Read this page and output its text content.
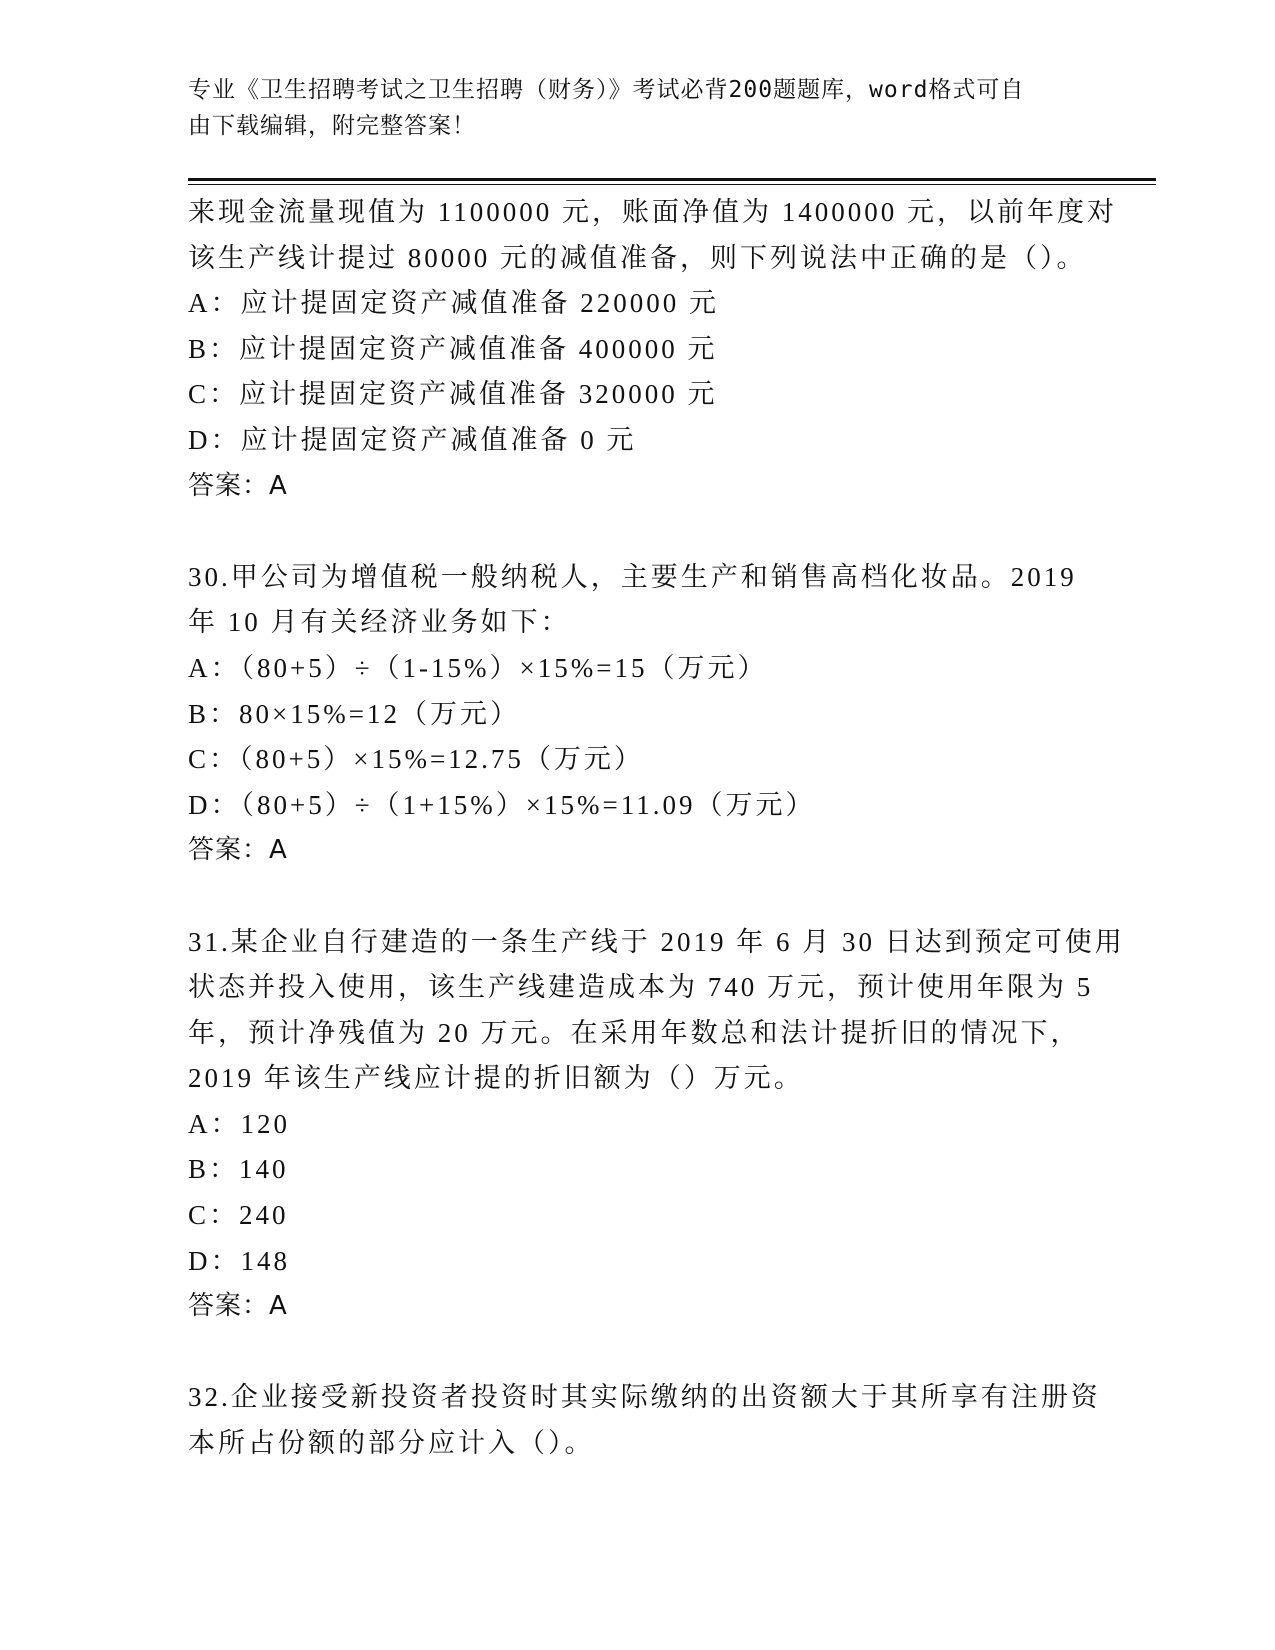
专业《卫生招聘考试之卫生招聘（财务）》考试必背200题题库，word格式可自
由下载编辑，附完整答案！
来现金流量现值为 1100000 元，账面净值为 1400000 元，以前年度对
该生产线计提过 80000 元的减值准备，则下列说法中正确的是（）。
A：应计提固定资产减值准备 220000 元
B：应计提固定资产减值准备 400000 元
C：应计提固定资产减值准备 320000 元
D：应计提固定资产减值准备 0 元
答案：A
30.甲公司为增值税一般纳税人，主要生产和销售高档化妆品。2019
年 10 月有关经济业务如下：
A：（80+5）÷（1-15%）×15%=15（万元）
B：80×15%=12（万元）
C：（80+5）×15%=12.75（万元）
D：（80+5）÷（1+15%）×15%=11.09（万元）
答案：A
31.某企业自行建造的一条生产线于 2019 年 6 月 30 日达到预定可使用
状态并投入使用，该生产线建造成本为 740 万元，预计使用年限为 5
年，预计净残值为 20 万元。在采用年数总和法计提折旧的情况下，
2019 年该生产线应计提的折旧额为（）万元。
A：120
B：140
C：240
D：148
答案：A
32.企业接受新投资者投资时其实际缴纳的出资额大于其所享有注册资
本所占份额的部分应计入（）。
